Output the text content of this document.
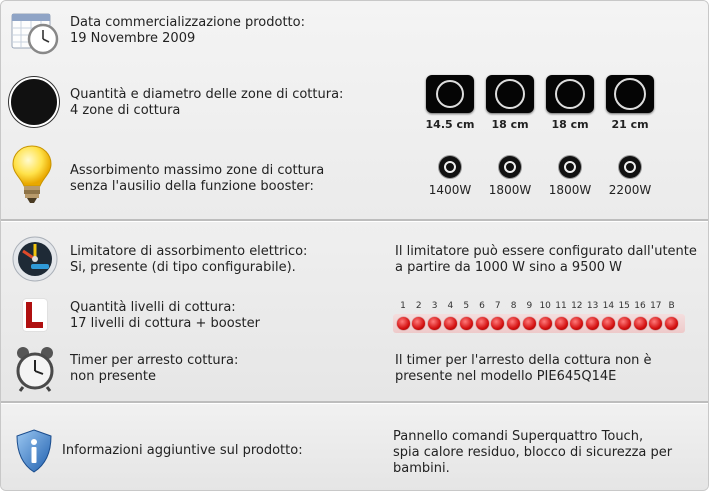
Data commercializzazione prodotto:
19 Novembre 2009
Quantità e diametro delle zone di cottura:
4 zone di cottura
14.5 cm	18 cm	18 cm	21 cm
Assorbimento massimo zone di cottura
senza l'ausilio della funzione booster:	1400W	1800W	1800W	2200W
Limitatore di assorbimento elettrico:
Si, presente (di tipo configurabile).
Il limitatore può essere configurato dall'utente
a partire da 1000 W sino a 9500 W
Quantità livelli di cottura:
17 livelli di cottura + booster
1	2	3	4	5	6	7	8	9 10 11 12 13 14 15 16 17 B
Timer per arresto cottura:
non presente
Il timer per l'arresto della cottura non è
presente nel modello PIE645Q14E
Informazioni aggiuntive sul prodotto:
Pannello comandi Superquattro Touch,
spia calore residuo, blocco di sicurezza per
bambini.
